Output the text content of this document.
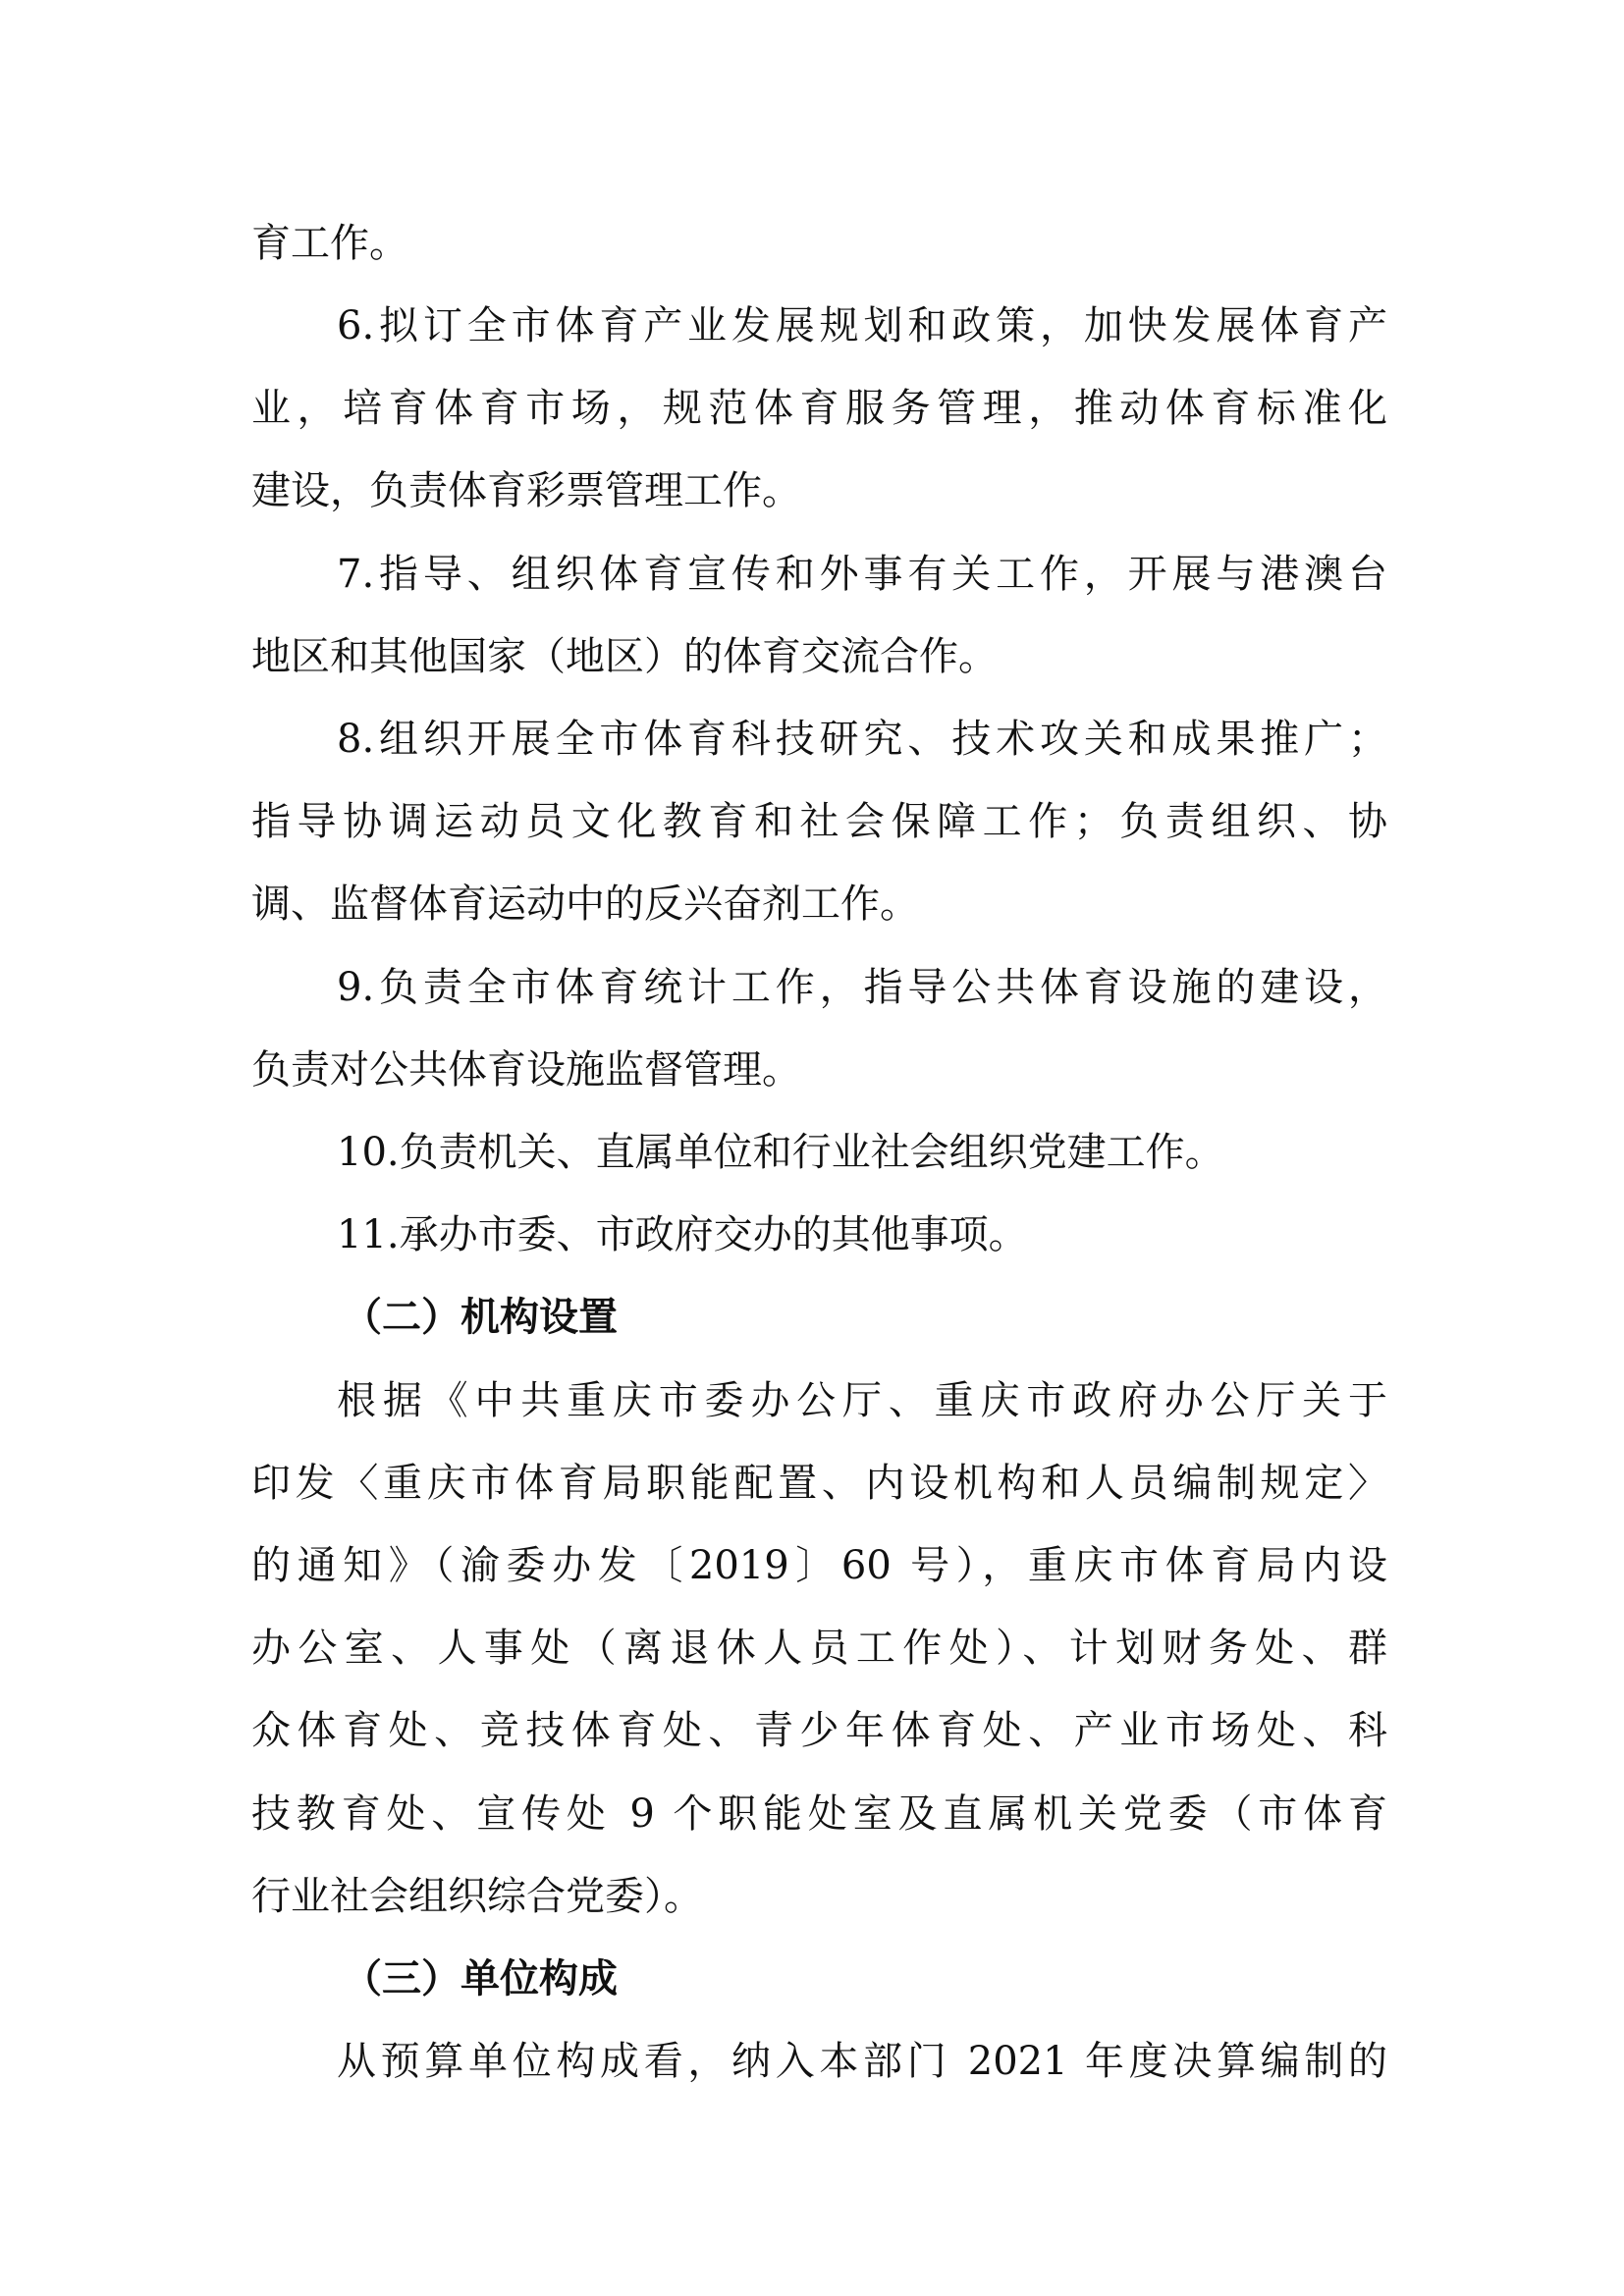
育工作。
6.拟订全市体育产业发展规划和政策，加快发展体育产
业，培育体育市场，规范体育服务管理，推动体育标准化
建设，负责体育彩票管理工作。
7.指导、组织体育宣传和外事有关工作，开展与港澳台
地区和其他国家（地区）的体育交流合作。
8.组织开展全市体育科技研究、技术攻关和成果推广；
指导协调运动员文化教育和社会保障工作；负责组织、协
调、监督体育运动中的反兴奋剂工作。
9.负责全市体育统计工作，指导公共体育设施的建设，
负责对公共体育设施监督管理。
10.负责机关、直属单位和行业社会组织党建工作。
11.承办市委、市政府交办的其他事项。
（二）机构设置
根据《中共重庆市委办公厅、重庆市政府办公厅关于
印发〈重庆市体育局职能配置、内设机构和人员编制规定〉
的通知》（渝委办发〔2019〕60 号），重庆市体育局内设
办公室、人事处（离退休人员工作处）、计划财务处、群
众体育处、竞技体育处、青少年体育处、产业市场处、科
技教育处、宣传处 9 个职能处室及直属机关党委（市体育
行业社会组织综合党委）。
（三）单位构成
从预算单位构成看，纳入本部门 2021 年度决算编制的
